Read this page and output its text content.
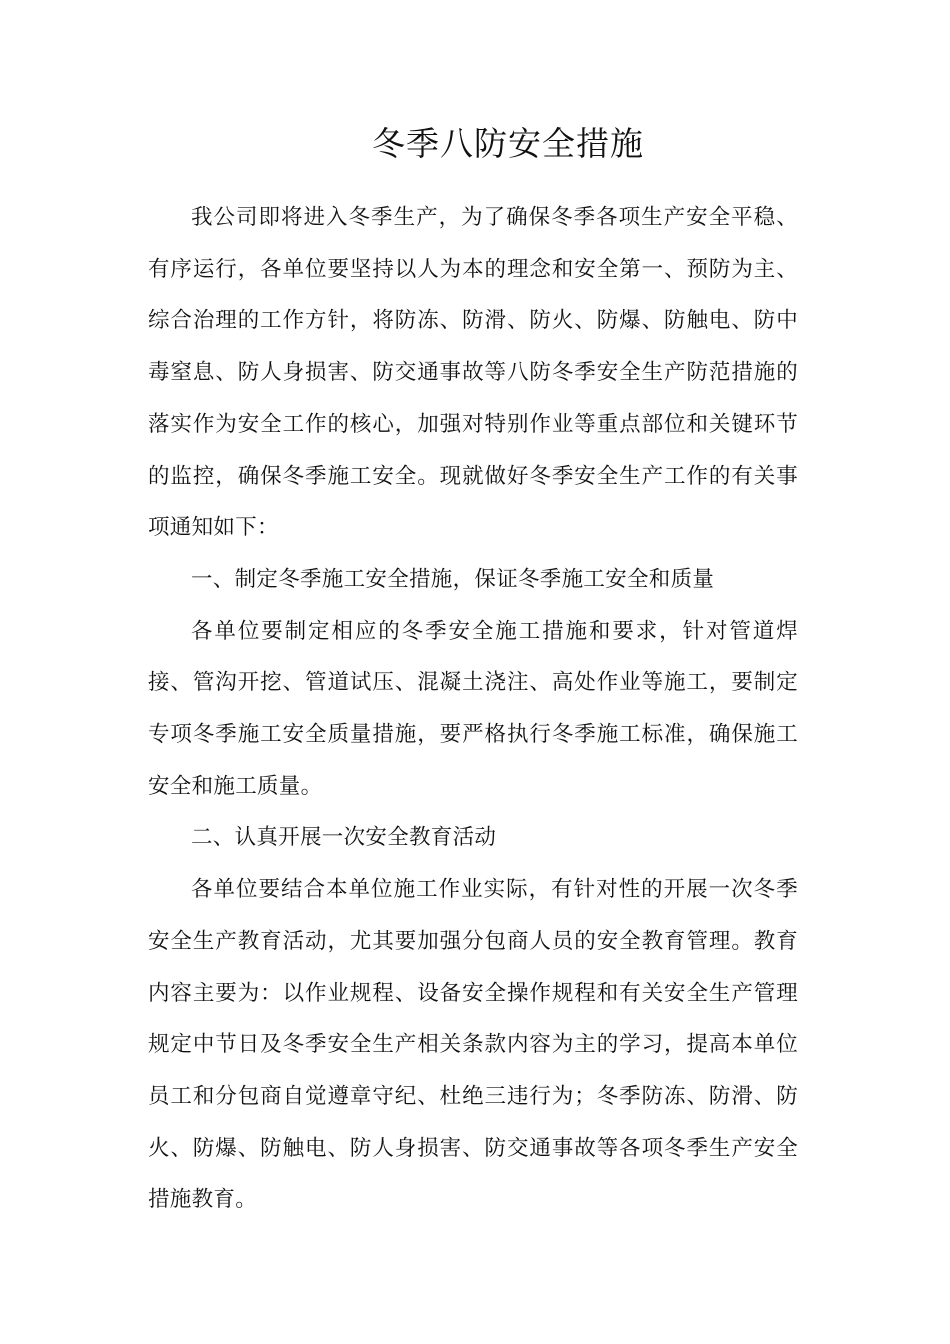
冬季八防安全措施

我公司即将进入冬季生产，为了确保冬季各项生产安全平稳、有序运行，各单位要坚持以人为本的理念和安全第一、预防为主、综合治理的工作方针，将防冻、防滑、防火、防爆、防触电、防中毒窒息、防人身损害、防交通事故等八防冬季安全生产防范措施的落实作为安全工作的核心，加强对特别作业等重点部位和关键环节的监控，确保冬季施工安全。现就做好冬季安全生产工作的有关事项通知如下：

一、制定冬季施工安全措施，保证冬季施工安全和质量

各单位要制定相应的冬季安全施工措施和要求，针对管道焊接、管沟开挖、管道试压、混凝土浇注、高处作业等施工，要制定专项冬季施工安全质量措施，要严格执行冬季施工标准，确保施工安全和施工质量。

二、认真开展一次安全教育活动

各单位要结合本单位施工作业实际，有针对性的开展一次冬季安全生产教育活动，尤其要加强分包商人员的安全教育管理。教育内容主要为：以作业规程、设备安全操作规程和有关安全生产管理规定中节日及冬季安全生产相关条款内容为主的学习，提高本单位员工和分包商自觉遵章守纪、杜绝三违行为；冬季防冻、防滑、防火、防爆、防触电、防人身损害、防交通事故等各项冬季生产安全措施教育。
